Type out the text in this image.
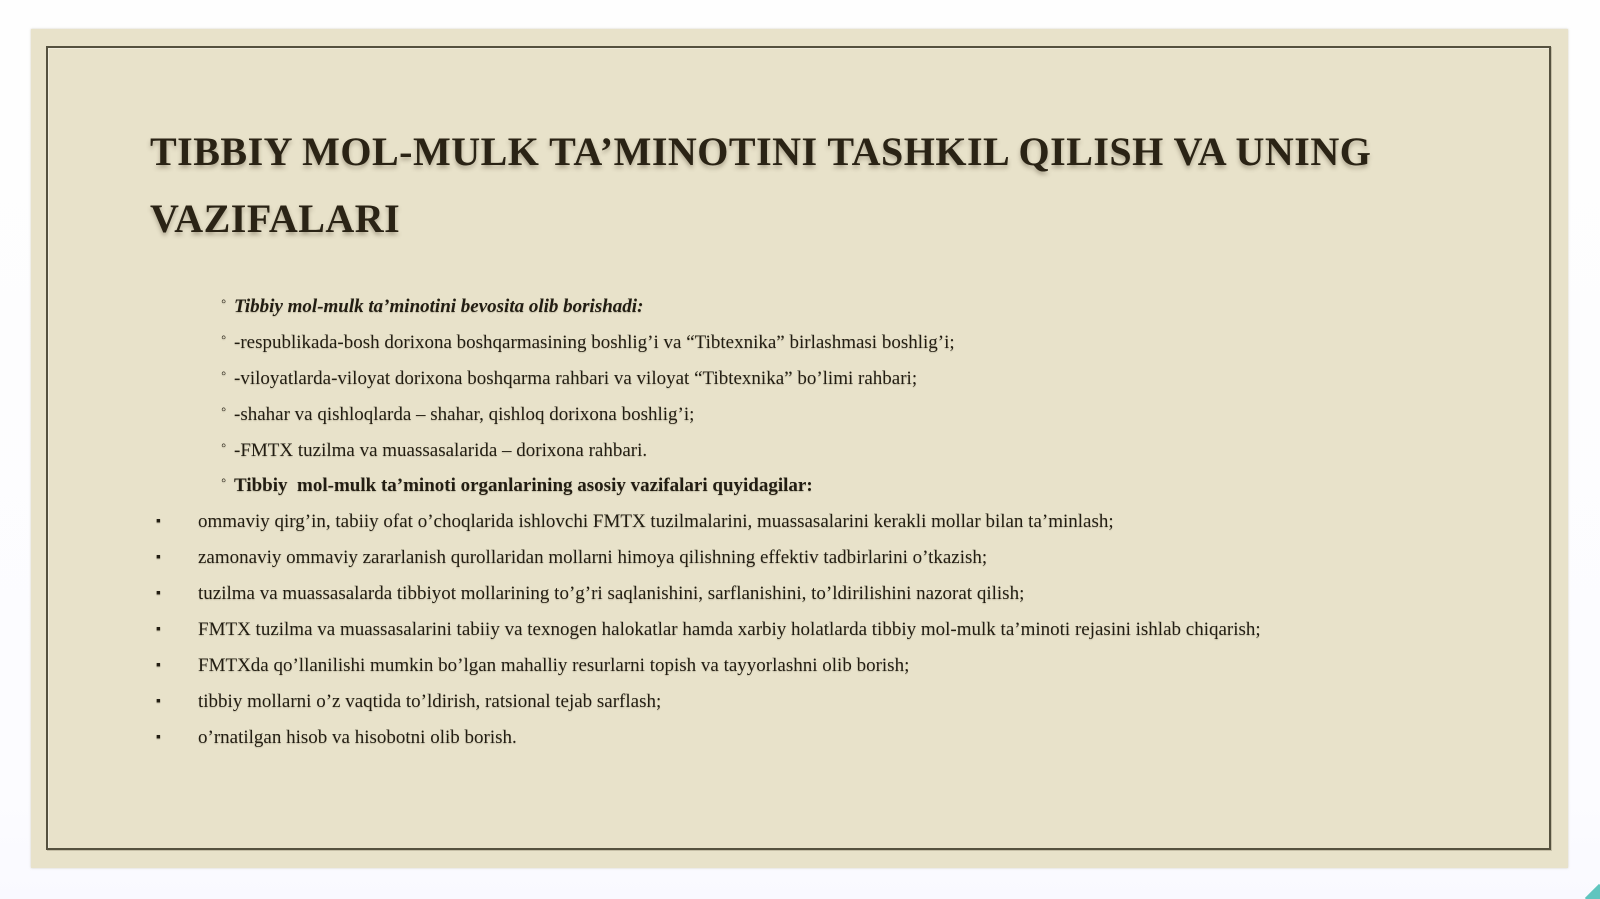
TIBBIY MOL-MULK TA’MINOTINI TASHKIL QILISH VA UNING VAZIFALARI
◦ Tibbiy mol-mulk ta’minotini bevosita olib borishadi:
◦ -respublikada-bosh dorixona boshqarmasining boshlig’i va “Tibtexnika” birlashmasi boshlig’i;
◦ -viloyatlarda-viloyat dorixona boshqarma rahbari va viloyat “Tibtexnika” bo’limi rahbari;
◦ -shahar va qishloqlarda – shahar, qishloq dorixona boshlig’i;
◦ -FMTX tuzilma va muassasalarida – dorixona rahbari.
◦ Tibbiy  mol-mulk ta’minoti organlarining asosiy vazifalari quyidagilar:
▪ ommaviy qirg’in, tabiiy ofat o’choqlarida ishlovchi FMTX tuzilmalarini, muassasalarini kerakli mollar bilan ta’minlash;
▪ zamonaviy ommaviy zararlanish qurollaridan mollarni himoya qilishning effektiv tadbirlarini o’tkazish;
▪ tuzilma va muassasalarda tibbiyot mollarining to’g’ri saqlanishini, sarflanishini, to’ldirilishini nazorat qilish;
▪ FMTX tuzilma va muassasalarini tabiiy va texnogen halokatlar hamda xarbiy holatlarda tibbiy mol-mulk ta’minoti rejasini ishlab chiqarish;
▪ FMTXda qo’llanilishi mumkin bo’lgan mahalliy resurlarni topish va tayyorlashni olib borish;
▪ tibbiy mollarni o’z vaqtida to’ldirish, ratsional tejab sarflash;
▪ o’rnatilgan hisob va hisobotni olib borish.
